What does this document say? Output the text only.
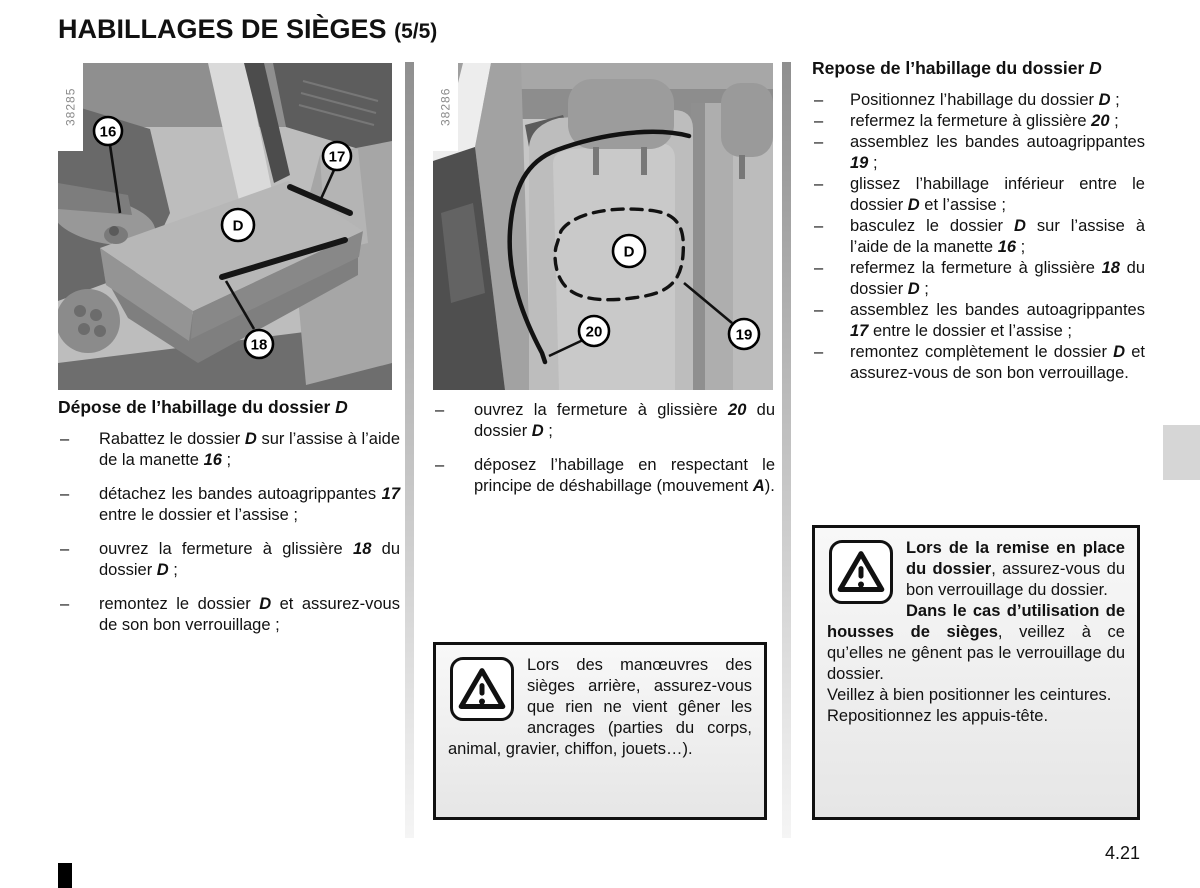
HABILLAGES DE SIÈGES (5/5)
38285
16
17
D
18
38286
D
20	19
Dépose de l’habillage du dossier D
– Rabattez le dossier D sur l’assise à l’aide de la manette 16 ;

– détachez les bandes autoagrippantes 17 entre le dossier et l’assise ;

– ouvrez la fermeture à glissière 18 du dossier D ;

– remontez le dossier D et assurez-vous de son bon verrouillage ;

– ouvrez la fermeture à glissière 20 du dossier D ;

– déposez l’habillage en respectant le principe de déshabillage (mouvement A).

Repose de l’habillage du dossier D
– Positionnez l’habillage du dossier D ;

– refermez la fermeture à glissière 20 ;

– assemblez les bandes autoagrippantes 19 ;

– glissez l’habillage inférieur entre le dossier D et l’assise ;

– basculez le dossier D sur l’assise à l’aide de la manette 16 ;

– refermez la fermeture à glissière 18 du dossier D ;

– assemblez les bandes autoagrippantes 17 entre le dossier et l’assise ;

– remontez complètement le dossier D et assurez-vous de son bon verrouillage.

Lors des manœuvres des sièges arrière, assurez-vous que rien ne vient gêner les ancrages (parties du corps, animal, gravier, chiffon, jouets…).

Lors de la remise en place du dossier, assurez-vous du bon verrouillage du dossier.

Dans le cas d’utilisation de housses de sièges, veillez à ce qu’elles ne gênent pas le verrouillage du dossier.

Veillez à bien positionner les ceintures.

Repositionnez les appuis-tête.

4.21
